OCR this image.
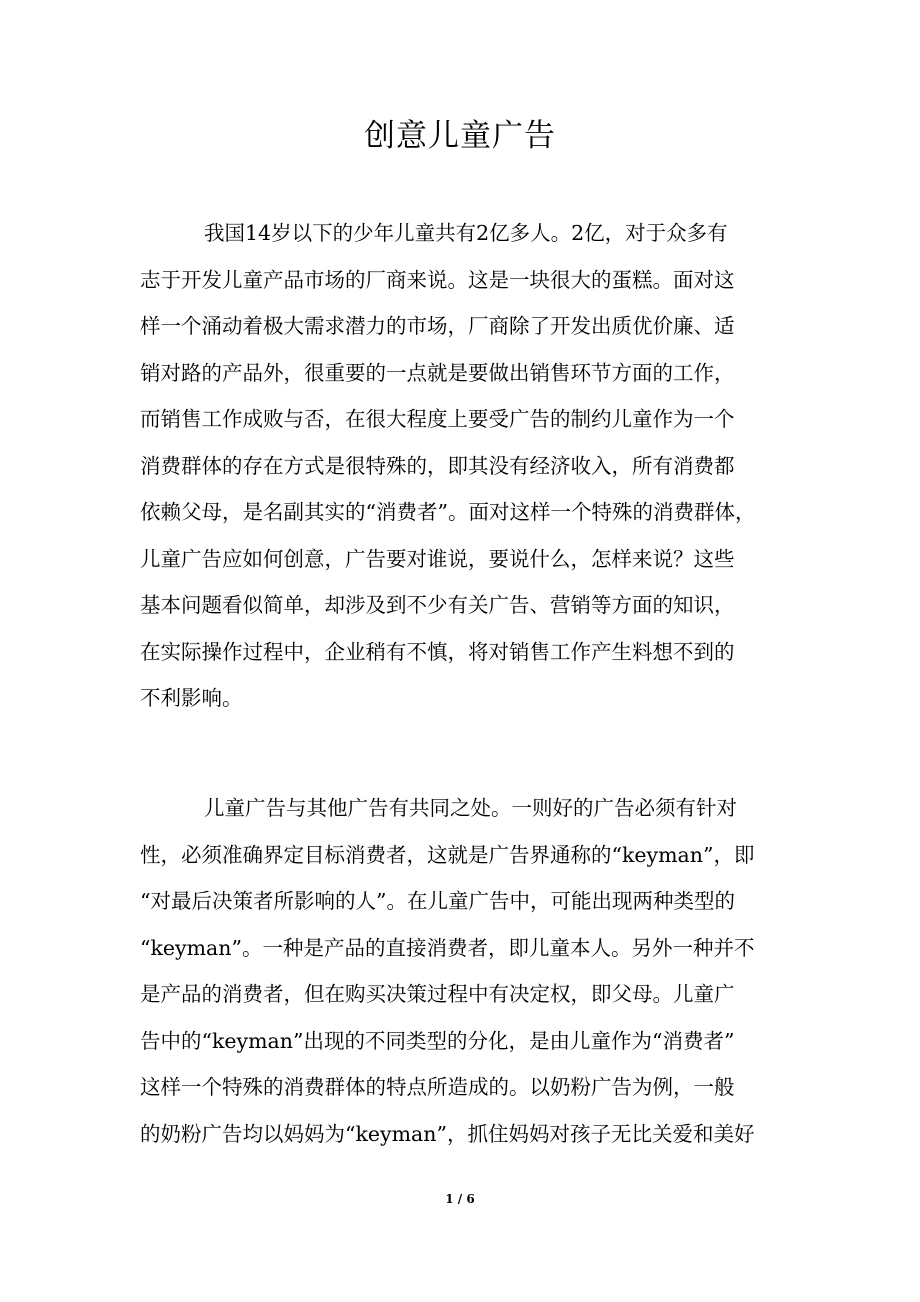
创意儿童广告
我国14岁以下的少年儿童共有2亿多人。2亿，对于众多有
志于开发儿童产品市场的厂商来说。这是一块很大的蛋糕。面对这
样一个涌动着极大需求潜力的市场，厂商除了开发出质优价廉、适
销对路的产品外，很重要的一点就是要做出销售环节方面的工作，
而销售工作成败与否，在很大程度上要受广告的制约儿童作为一个
消费群体的存在方式是很特殊的，即其没有经济收入，所有消费都
依赖父母，是名副其实的“消费者”。面对这样一个特殊的消费群体，
儿童广告应如何创意，广告要对谁说，要说什么，怎样来说？这些
基本问题看似简单，却涉及到不少有关广告、营销等方面的知识，
在实际操作过程中，企业稍有不慎，将对销售工作产生料想不到的
不利影响。
儿童广告与其他广告有共同之处。一则好的广告必须有针对
性，必须准确界定目标消费者，这就是广告界通称的“keyman”，即
“对最后决策者所影响的人”。在儿童广告中，可能出现两种类型的
“keyman”。一种是产品的直接消费者，即儿童本人。另外一种并不
是产品的消费者，但在购买决策过程中有决定权，即父母。儿童广
告中的“keyman”出现的不同类型的分化，是由儿童作为“消费者”
这样一个特殊的消费群体的特点所造成的。以奶粉广告为例，一般
的奶粉广告均以妈妈为“keyman”，抓住妈妈对孩子无比关爱和美好
1 / 6
